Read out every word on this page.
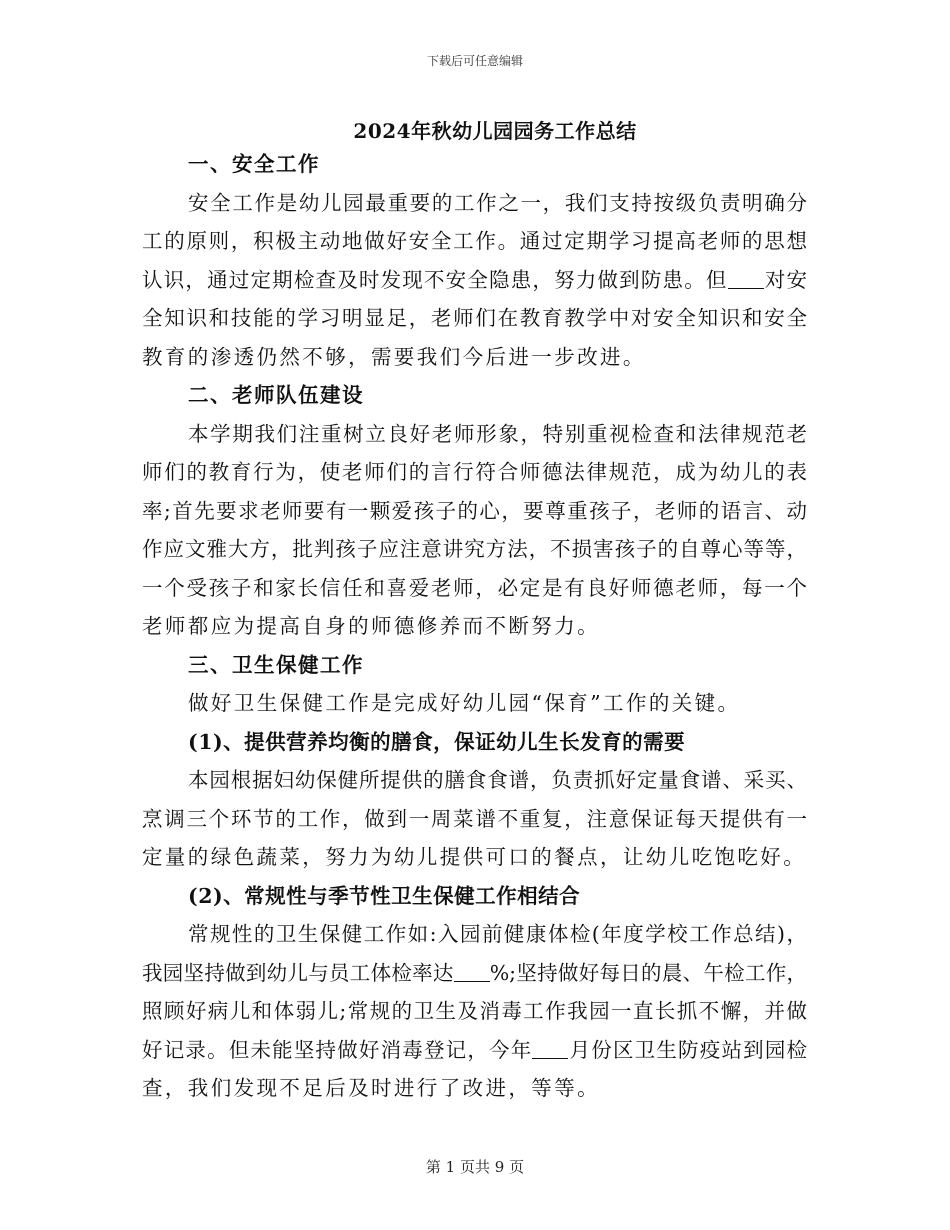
下载后可任意编辑
2024年秋幼儿园园务工作总结
一、安全工作
安全工作是幼儿园最重要的工作之一，我们支持按级负责明确分
工的原则，积极主动地做好安全工作。通过定期学习提高老师的思想
认识，通过定期检查及时发现不安全隐患，努力做到防患。但 对安
全知识和技能的学习明显足，老师们在教育教学中对安全知识和安全
教育的渗透仍然不够，需要我们今后进一步改进。
二、老师队伍建设
本学期我们注重树立良好老师形象，特别重视检查和法律规范老
师们的教育行为，使老师们的言行符合师德法律规范，成为幼儿的表
率;首先要求老师要有一颗爱孩子的心，要尊重孩子，老师的语言、动
作应文雅大方，批判孩子应注意讲究方法，不损害孩子的自尊心等等，
一个受孩子和家长信任和喜爱老师，必定是有良好师德老师，每一个
老师都应为提高自身的师德修养而不断努力。
三、卫生保健工作
做好卫生保健工作是完成好幼儿园“保育”工作的关键。
(1)、提供营养均衡的膳食，保证幼儿生长发育的需要
本园根据妇幼保健所提供的膳食食谱，负责抓好定量食谱、采买、
烹调三个环节的工作，做到一周菜谱不重复，注意保证每天提供有一
定量的绿色蔬菜，努力为幼儿提供可口的餐点，让幼儿吃饱吃好。
(2)、常规性与季节性卫生保健工作相结合
常规性的卫生保健工作如:入园前健康体检(年度学校工作总结)，
我园坚持做到幼儿与员工体检率达 %;坚持做好每日的晨、午检工作，
照顾好病儿和体弱儿;常规的卫生及消毒工作我园一直长抓不懈，并做
好记录。但未能坚持做好消毒登记，今年 月份区卫生防疫站到园检
查，我们发现不足后及时进行了改进，等等。
第 1 页共 9 页
